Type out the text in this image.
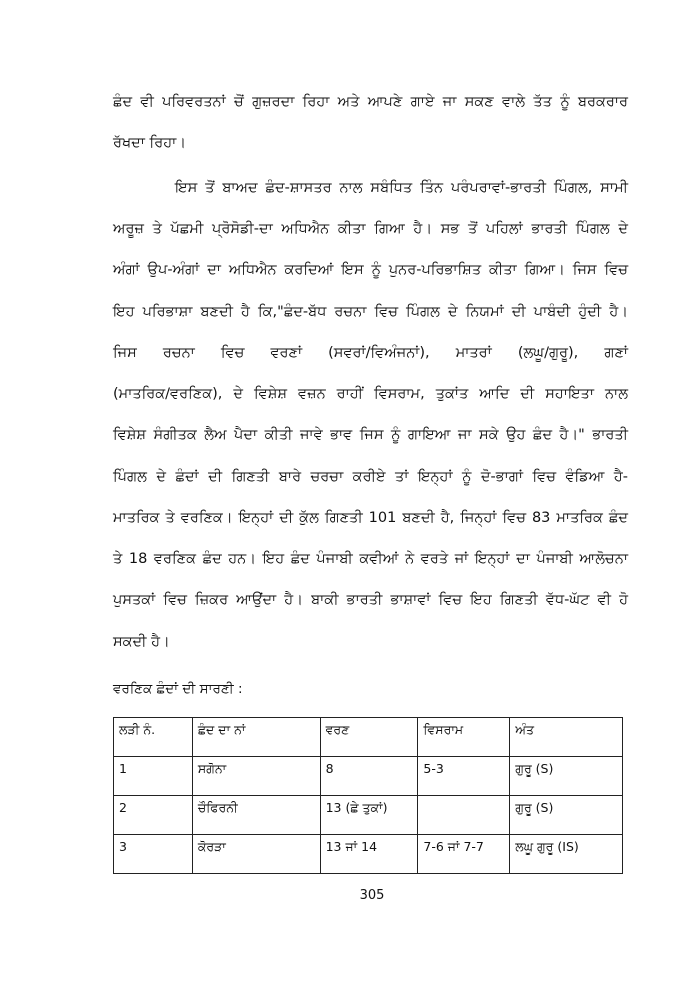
ਛੰਦ ਵੀ ਪਰਿਵਰਤਨਾਂ ਚੋਂ ਗੁਜ਼ਰਦਾ ਰਿਹਾ ਅਤੇ ਆਪਣੇ ਗਾਏ ਜਾ ਸਕਣ ਵਾਲੇ ਤੱਤ ਨੂੰ ਬਰਕਰਾਰ
ਰੱਖਦਾ ਰਿਹਾ।
ਇਸ ਤੋਂ ਬਾਅਦ ਛੰਦ-ਸ਼ਾਸਤਰ ਨਾਲ ਸਬੰਧਿਤ ਤਿੰਨ ਪਰੰਪਰਾਵਾਂ-ਭਾਰਤੀ ਪਿੰਗਲ, ਸਾਮੀ
ਅਰੂਜ਼ ਤੇ ਪੱਛਮੀ ਪ੍ਰੋਸੋਡੀ-ਦਾ ਅਧਿਐਨ ਕੀਤਾ ਗਿਆ ਹੈ। ਸਭ ਤੋਂ ਪਹਿਲਾਂ ਭਾਰਤੀ ਪਿੰਗਲ ਦੇ
ਅੰਗਾਂ ਉਪ-ਅੰਗਾਂ ਦਾ ਅਧਿਐਨ ਕਰਦਿਆਂ ਇਸ ਨੂੰ ਪੁਨਰ-ਪਰਿਭਾਸ਼ਿਤ ਕੀਤਾ ਗਿਆ। ਜਿਸ ਵਿਚ
ਇਹ ਪਰਿਭਾਸ਼ਾ ਬਣਦੀ ਹੈ ਕਿ,"ਛੰਦ-ਬੱਧ ਰਚਨਾ ਵਿਚ ਪਿੰਗਲ ਦੇ ਨਿਯਮਾਂ ਦੀ ਪਾਬੰਦੀ ਹੁੰਦੀ ਹੈ।
ਜਿਸ ਰਚਨਾ ਵਿਚ ਵਰਣਾਂ (ਸਵਰਾਂ/ਵਿਅੰਜਨਾਂ), ਮਾਤਰਾਂ (ਲਘੂ/ਗੁਰੂ), ਗਣਾਂ
(ਮਾਤਰਿਕ/ਵਰਣਿਕ), ਦੇ ਵਿਸ਼ੇਸ਼ ਵਜ਼ਨ ਰਾਹੀਂ ਵਿਸਰਾਮ, ਤੁਕਾਂਤ ਆਦਿ ਦੀ ਸਹਾਇਤਾ ਨਾਲ
ਵਿਸ਼ੇਸ਼ ਸੰਗੀਤਕ ਲੈਅ ਪੈਦਾ ਕੀਤੀ ਜਾਵੇ ਭਾਵ ਜਿਸ ਨੂੰ ਗਾਇਆ ਜਾ ਸਕੇ ਉਹ ਛੰਦ ਹੈ।" ਭਾਰਤੀ
ਪਿੰਗਲ ਦੇ ਛੰਦਾਂ ਦੀ ਗਿਣਤੀ ਬਾਰੇ ਚਰਚਾ ਕਰੀਏ ਤਾਂ ਇਨ੍ਹਾਂ ਨੂੰ ਦੋ-ਭਾਗਾਂ ਵਿਚ ਵੰਡਿਆ ਹੈ-
ਮਾਤਰਿਕ ਤੇ ਵਰਣਿਕ। ਇਨ੍ਹਾਂ ਦੀ ਕੁੱਲ ਗਿਣਤੀ 101 ਬਣਦੀ ਹੈ, ਜਿਨ੍ਹਾਂ ਵਿਚ 83 ਮਾਤਰਿਕ ਛੰਦ
ਤੇ 18 ਵਰਣਿਕ ਛੰਦ ਹਨ। ਇਹ ਛੰਦ ਪੰਜਾਬੀ ਕਵੀਆਂ ਨੇ ਵਰਤੇ ਜਾਂ ਇਨ੍ਹਾਂ ਦਾ ਪੰਜਾਬੀ ਆਲੋਚਨਾ
ਪੁਸਤਕਾਂ ਵਿਚ ਜ਼ਿਕਰ ਆਉਂਦਾ ਹੈ। ਬਾਕੀ ਭਾਰਤੀ ਭਾਸ਼ਾਵਾਂ ਵਿਚ ਇਹ ਗਿਣਤੀ ਵੱਧ-ਘੱਟ ਵੀ ਹੋ
ਸਕਦੀ ਹੈ।
ਵਰਣਿਕ ਛੰਦਾਂ ਦੀ ਸਾਰਣੀ :
ਲੜੀ ਨੰ.	ਛੰਦ ਦਾ ਨਾਂ	ਵਰਣ	ਵਿਸਰਾਮ	ਅੰਤ
1	ਸਗੋਨਾ	8	5-3	ਗੁਰੂ (S)
2	ਚੌਫਿਰਨੀ	13 (ਛੇ ਤੁਕਾਂ)		ਗੁਰੂ (S)
3	ਕੋਰੜਾ	13 ਜਾਂ 14	7-6 ਜਾਂ 7-7	ਲਘੂ ਗੁਰੂ (IS)
305
